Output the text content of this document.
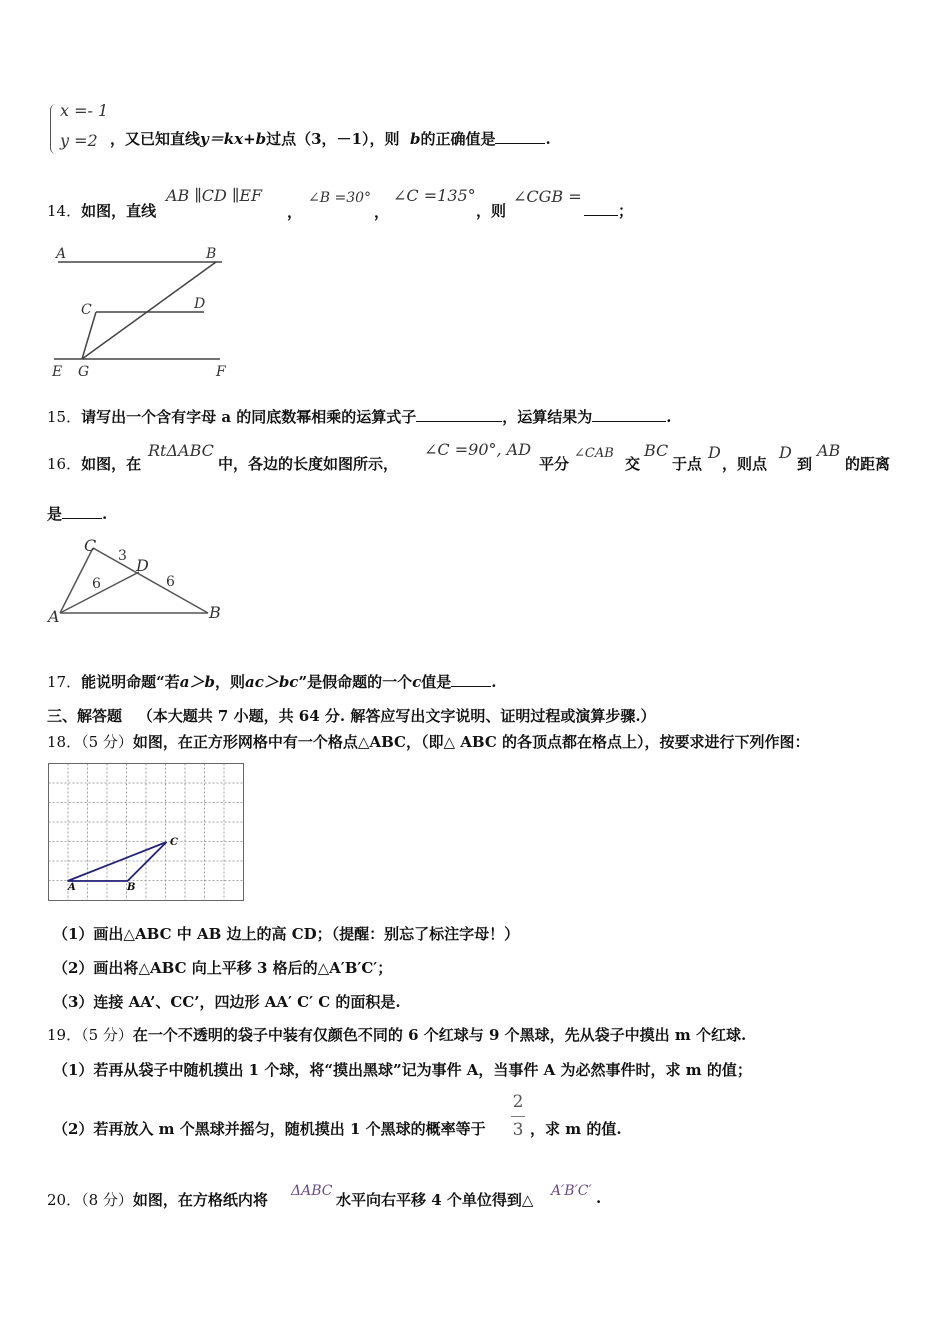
x =- 1
y =2 ，又已知直线y＝kx+b过点（3，－1），则 b的正确值是	.
14．如图，直线
AB ∥CD ∥EF
，
∠B =30°
，
∠C =135°
，则
∠CGB =
；
A	B
C	D
E G	F
15．请写出一个含有字母 a 的同底数幂相乘的运算式子	，运算结果为	.
16．如图，在
RtΔABC
中，各边的长度如图所示，
∠C =90°, AD
平分
∠CAB
交
BC
于点
D
，则点
D
到
AB
的距离
是	.
C
A	B
D
3
6	6
17．能说明命题“若a＞b，则ac＞bc”是假命题的一个c值是	.
三、解答题 （本大题共 7 小题，共 64 分. 解答应写出文字说明、证明过程或演算步骤.）
18．（5 分）如图，在正方形网格中有一个格点△ABC，（即△ ABC 的各顶点都在格点上），按要求进行下列作图：
A	B
C
（1）画出△ABC 中 AB 边上的高 CD；（提醒：别忘了标注字母！）
（2）画出将△ABC 向上平移 3 格后的△A′B′C′；
（3）连接 AA’、CC’，四边形 AA′ C′ C 的面积是.
19．（5 分）在一个不透明的袋子中装有仅颜色不同的 6 个红球与 9 个黑球，先从袋子中摸出 m 个红球.
（1）若再从袋子中随机摸出 1 个球，将“摸出黑球”记为事件 A，当事件 A 为必然事件时，求 m 的值；
（2）若再放入 m 个黑球并摇匀，随机摸出 1 个黑球的概率等于
2
3 ，求 m 的值.
20．（8 分）如图，在方格纸内将 ΔABC 水平向右平移 4 个单位得到△ A′B′C′ .
